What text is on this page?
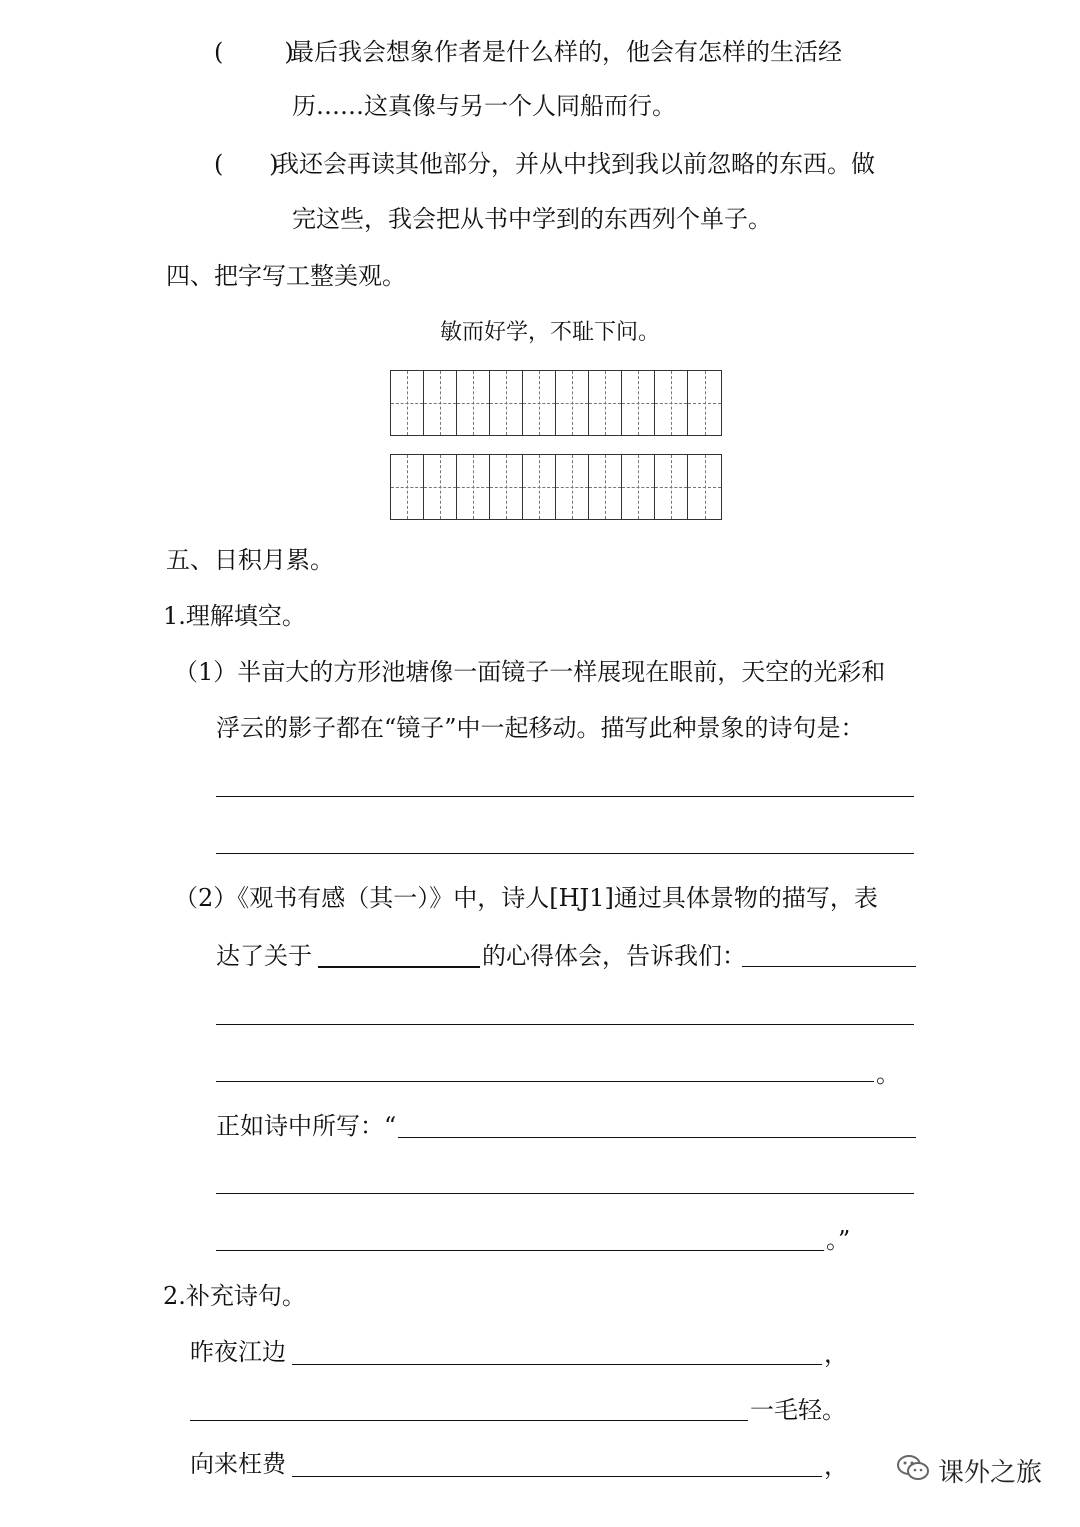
(        )
最后我会想象作者是什么样的，他会有怎样的生活经
历……这真像与另一个人同船而行。
(      )
我还会再读其他部分，并从中找到我以前忽略的东西。做
完这些，我会把从书中学到的东西列个单子。
四、把字写工整美观。
敏而好学，不耻下问。
五、日积月累。
1.理解填空。
（1）半亩大的方形池塘像一面镜子一样展现在眼前，天空的光彩和
浮云的影子都在“镜子”中一起移动。描写此种景象的诗句是：
（2）《观书有感（其一）》中，诗人[HJ1]通过具体景物的描写，表
达了关于	的心得体会，告诉我们：
。
正如诗中所写：“
。”
2.补充诗句。
昨夜江边	，
一毛轻。
向来枉费	，	课外之旅
